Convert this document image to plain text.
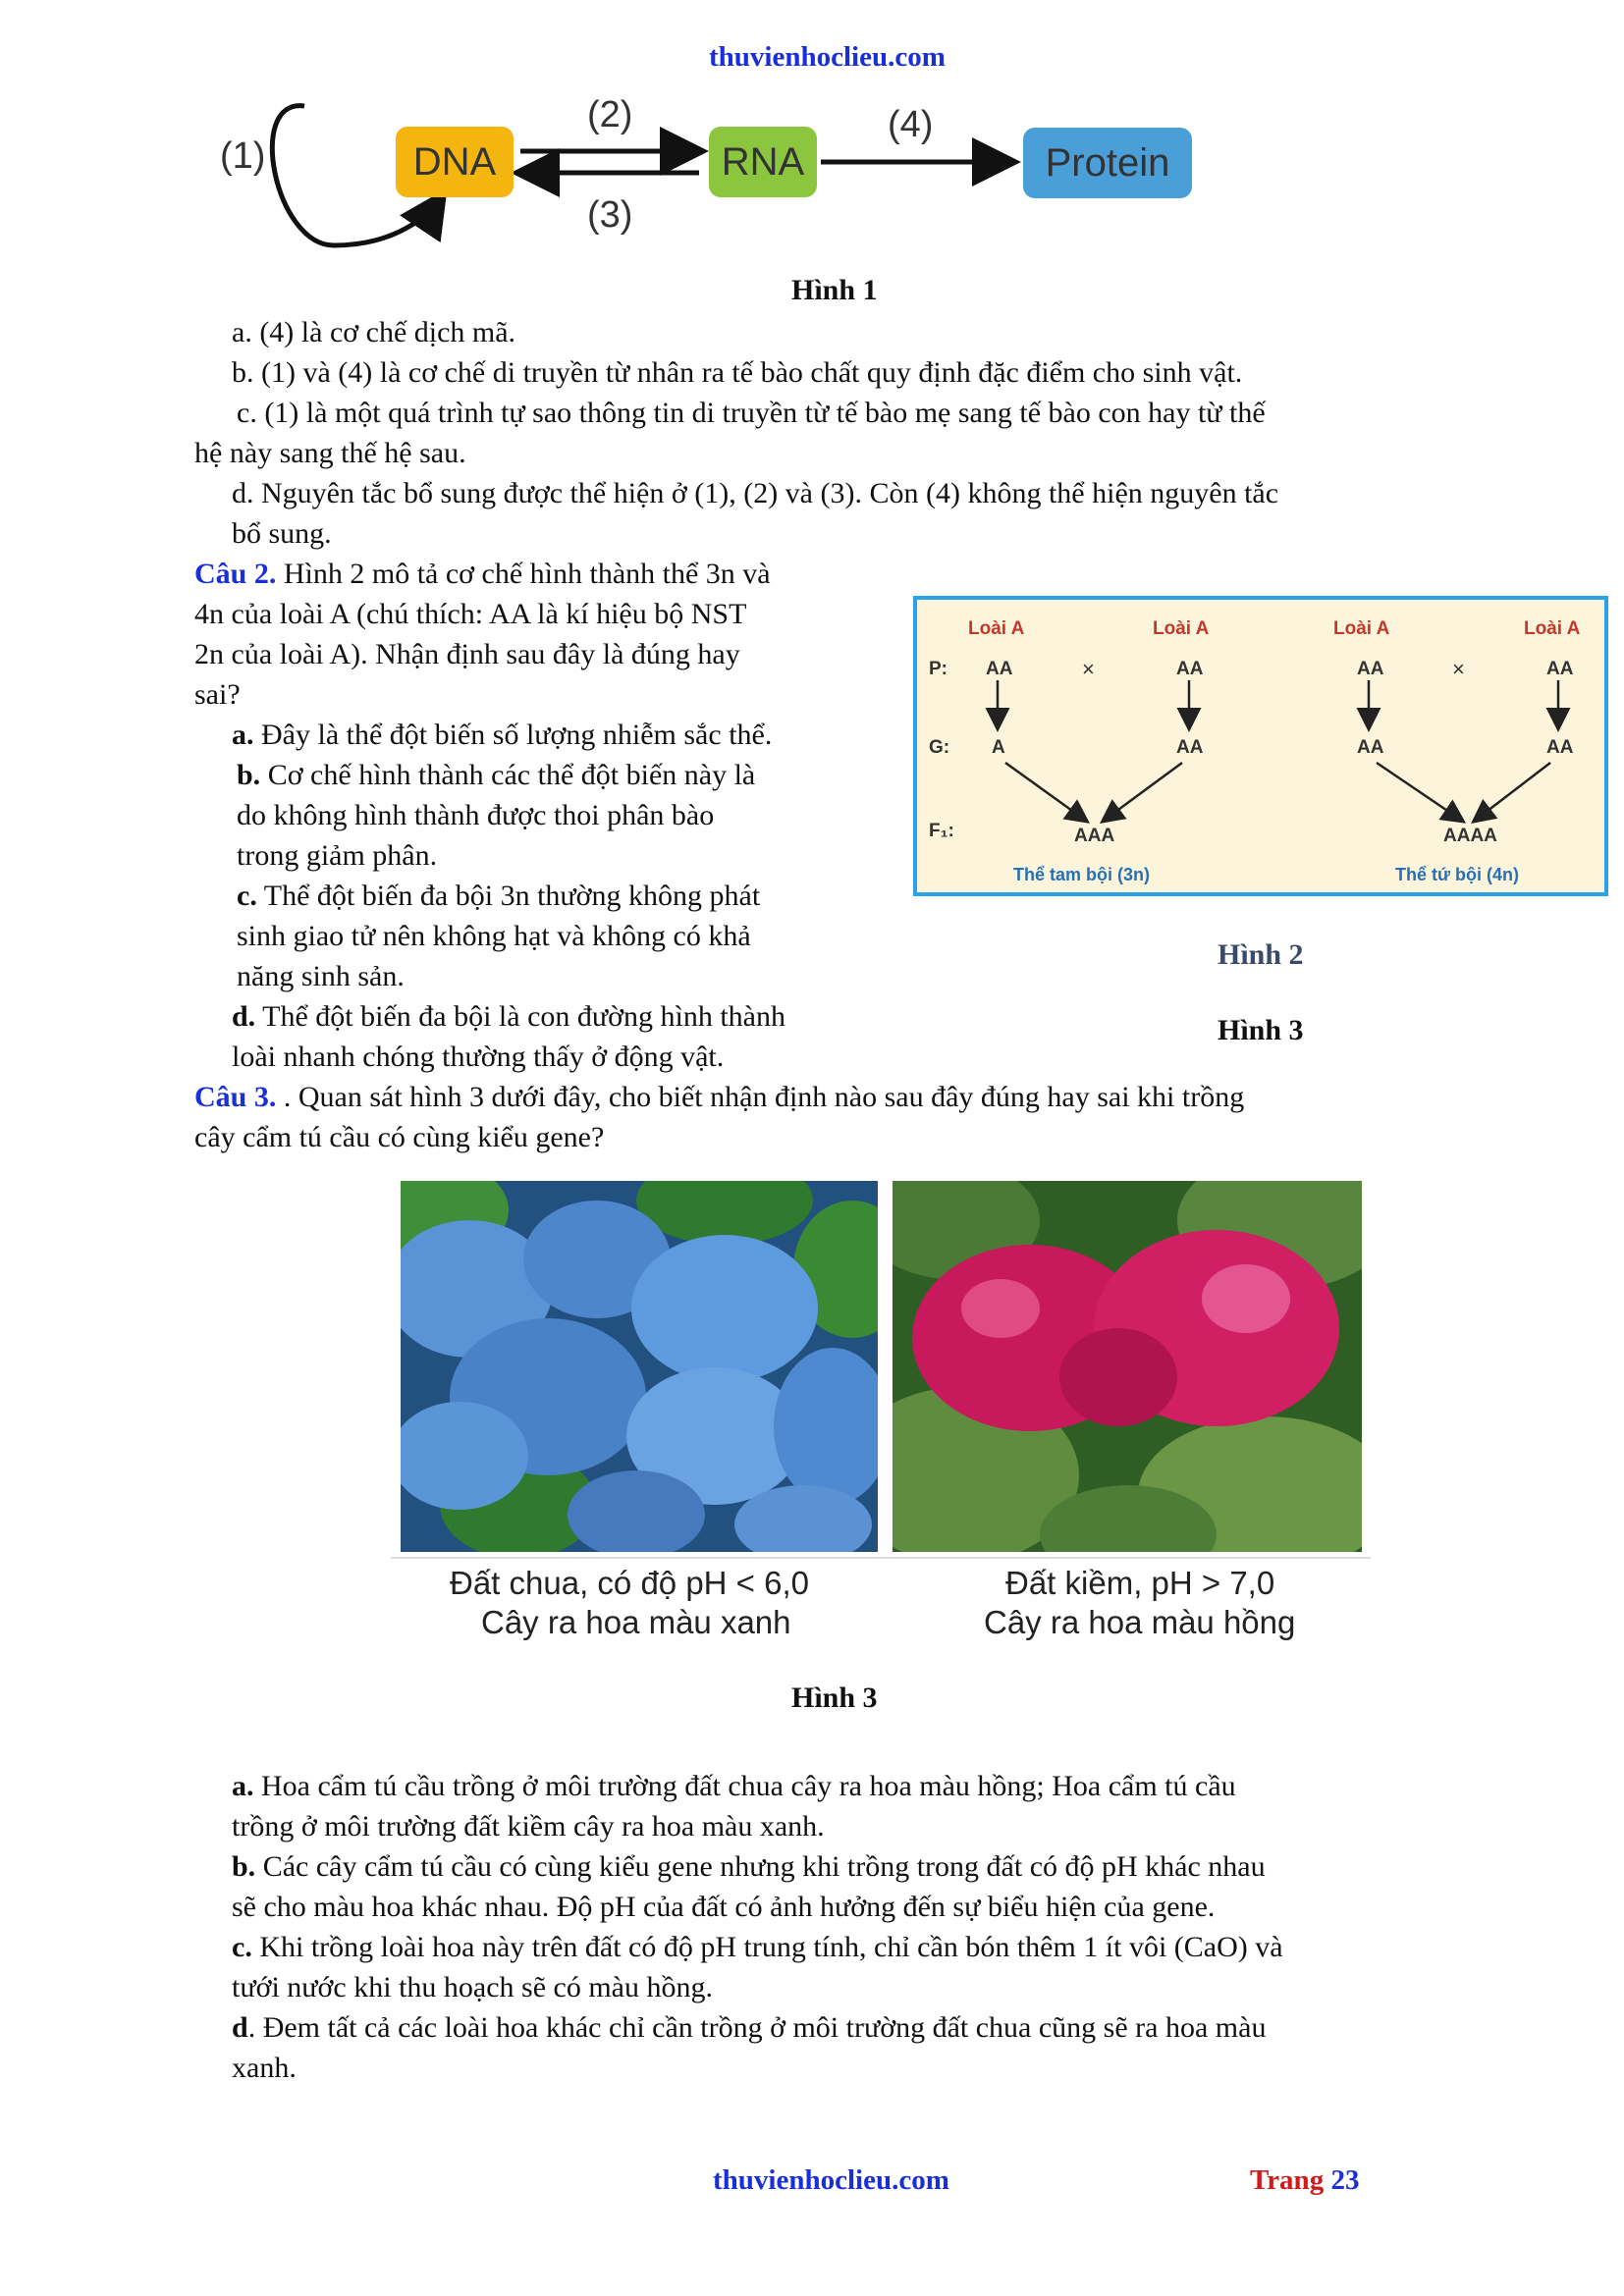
thuvienhoclieu.com
DNA	RNA	Protein
(1)
(2)
(3)
(4)
Hình 1
a. (4) là cơ chế dịch mã.
b. (1) và (4) là cơ chế di truyền từ nhân ra tế bào chất quy định đặc điểm cho sinh vật.
c. (1) là một quá trình tự sao thông tin di truyền từ tế bào mẹ sang tế bào con hay từ thế
hệ này sang thế hệ sau.
d. Nguyên tắc bổ sung được thể hiện ở (1), (2) và (3). Còn (4) không thể hiện nguyên tắc
bổ sung.
Câu 2. Hình 2 mô tả cơ chế hình thành thể 3n và
4n của loài A (chú thích: AA là kí hiệu bộ NST
2n của loài A). Nhận định sau đây là đúng hay
sai?
a. Đây là thể đột biến số lượng nhiễm sắc thể.
b. Cơ chế hình thành các thể đột biến này là
do không hình thành được thoi phân bào
trong giảm phân.
c. Thể đột biến đa bội 3n thường không phát
sinh giao tử nên không hạt và không có khả
năng sinh sản.
d. Thể đột biến đa bội là con đường hình thành
loài nhanh chóng thường thấy ở động vật.
Loài A	Loài A	Loài A	Loài A
P:
G:
F₁:
AA	×	AA	AA	×	AA
A	AA	AA	AA
AAA	AAAA
Thể tam bội (3n)	Thể tứ bội (4n)
Hình 2
Hình 3
Câu 3. . Quan sát hình 3 dưới đây, cho biết nhận định nào sau đây đúng hay sai khi trồng
cây cẩm tú cầu có cùng kiểu gene?
Đất chua, có độ pH < 6,0
Cây ra hoa màu xanh
Đất kiềm, pH > 7,0
Cây ra hoa màu hồng
Hình 3
a. Hoa cẩm tú cầu trồng ở môi trường đất chua cây ra hoa màu hồng; Hoa cẩm tú cầu
trồng ở môi trường đất kiềm cây ra hoa màu xanh.
b. Các cây cẩm tú cầu có cùng kiểu gene nhưng khi trồng trong đất có độ pH khác nhau
sẽ cho màu hoa khác nhau. Độ pH của đất có ảnh hưởng đến sự biểu hiện của gene.
c. Khi trồng loài hoa này trên đất có độ pH trung tính, chỉ cần bón thêm 1 ít vôi (CaO) và
tưới nước khi thu hoạch sẽ có màu hồng.
d. Đem tất cả các loài hoa khác chỉ cần trồng ở môi trường đất chua cũng sẽ ra hoa màu
xanh.
thuvienhoclieu.com	Trang 23
